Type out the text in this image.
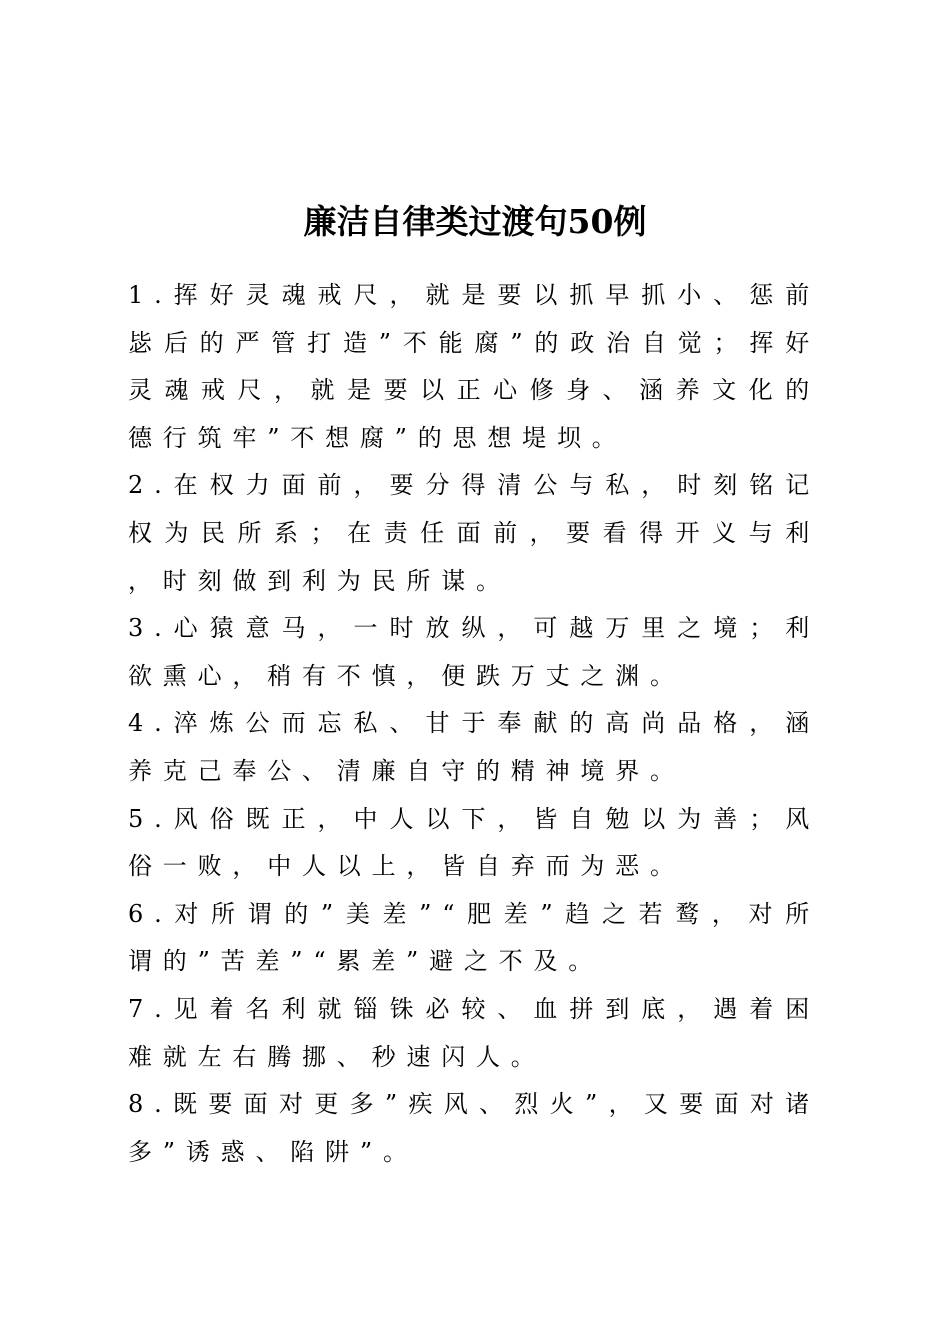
廉洁自律类过渡句50例
1.挥好灵魂戒尺，就是要以抓早抓小、惩前毖后的严管打造”不能腐”的政治自觉；挥好灵魂戒尺，就是要以正心修身、涵养文化的德行筑牢”不想腐”的思想堤坝。
2.在权力面前，要分得清公与私，时刻铭记权为民所系；在责任面前，要看得开义与利，时刻做到利为民所谋。
3.心猿意马，一时放纵，可越万里之境；利欲熏心，稍有不慎，便跌万丈之渊。
4.淬炼公而忘私、甘于奉献的高尚品格，涵养克己奉公、清廉自守的精神境界。
5.风俗既正，中人以下，皆自勉以为善；风俗一败，中人以上，皆自弃而为恶。
6.对所谓的”美差”“肥差”趋之若鹜，对所谓的”苦差”“累差”避之不及。
7.见着名利就锱铢必较、血拼到底，遇着困难就左右腾挪、秒速闪人。
8.既要面对更多”疾风、烈火”，又要面对诸多”诱惑、陷阱”。
